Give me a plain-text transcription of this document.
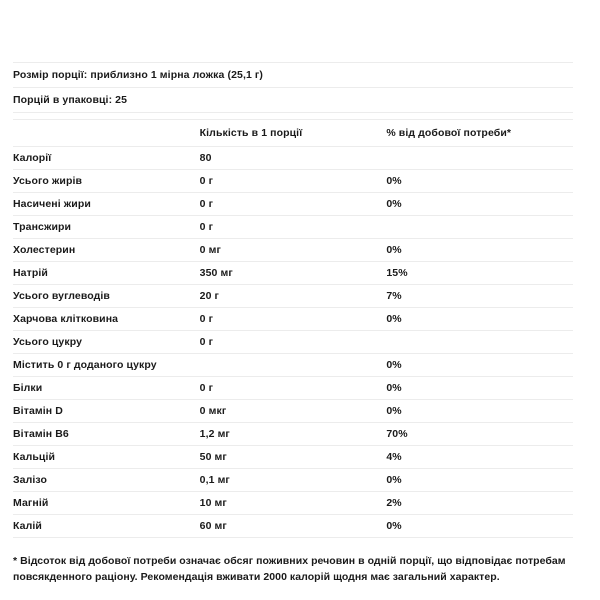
Розмір порції: приблизно 1 мірна ложка (25,1 г)		
Порцій в упаковці: 25		

	Кількість в 1 порції	% від добової потреби*
Калорії	80	
Усього жирів	0 г	0%
Насичені жири	0 г	0%
Трансжири	0 г	
Холестерин	0 мг	0%
Натрій	350 мг	15%
Усього вуглеводів	20 г	7%
Харчова клітковина	0 г	0%
Усього цукру	0 г	
Містить 0 г доданого цукру		0%
Білки	0 г	0%
Вітамін D	0 мкг	0%
Вітамін B6	1,2 мг	70%
Кальцій	50 мг	4%
Залізо	0,1 мг	0%
Магній	10 мг	2%
Калій	60 мг	0%

* Відсоток від добової потреби означає обсяг поживних речовин в одній порції, що відповідає потребам повсякденного раціону. Рекомендація вживати 2000 калорій щодня має загальний характер.
